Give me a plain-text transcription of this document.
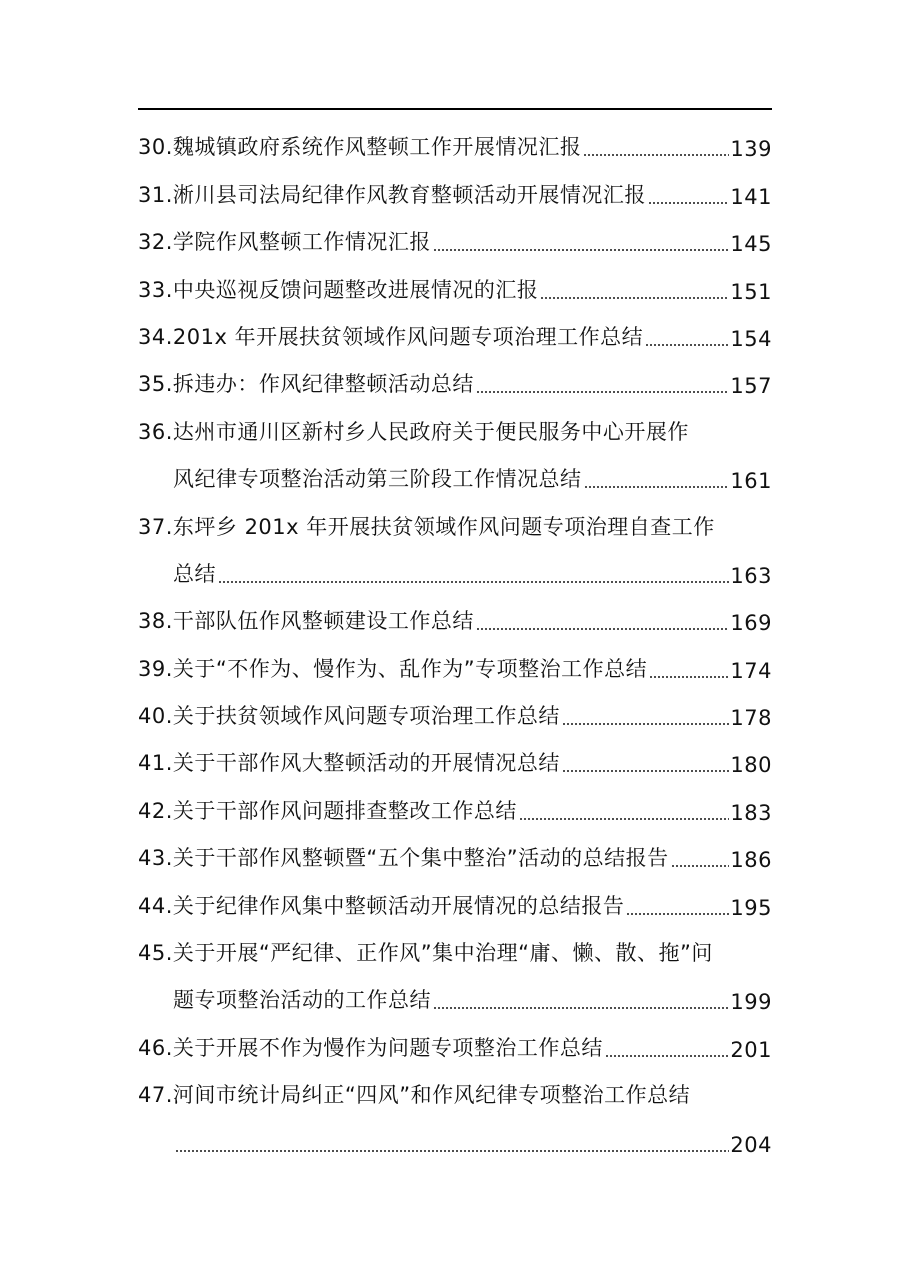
30.魏城镇政府系统作风整顿工作开展情况汇报	139
31.淅川县司法局纪律作风教育整顿活动开展情况汇报	141
32.学院作风整顿工作情况汇报	145
33.中央巡视反馈问题整改进展情况的汇报	151
34.201x 年开展扶贫领域作风问题专项治理工作总结	154
35.拆违办：作风纪律整顿活动总结	157
36.达州市通川区新村乡人民政府关于便民服务中心开展作
风纪律专项整治活动第三阶段工作情况总结	161
37.东坪乡 201x 年开展扶贫领域作风问题专项治理自查工作
总结	163
38.干部队伍作风整顿建设工作总结	169
39.关于“不作为、慢作为、乱作为”专项整治工作总结	174
40.关于扶贫领域作风问题专项治理工作总结	178
41.关于干部作风大整顿活动的开展情况总结	180
42.关于干部作风问题排查整改工作总结	183
43.关于干部作风整顿暨“五个集中整治”活动的总结报告	186
44.关于纪律作风集中整顿活动开展情况的总结报告	195
45.关于开展“严纪律、正作风”集中治理“庸、懒、散、拖”问
题专项整治活动的工作总结	199
46.关于开展不作为慢作为问题专项整治工作总结	201
47.河间市统计局纠正“四风”和作风纪律专项整治工作总结
204
